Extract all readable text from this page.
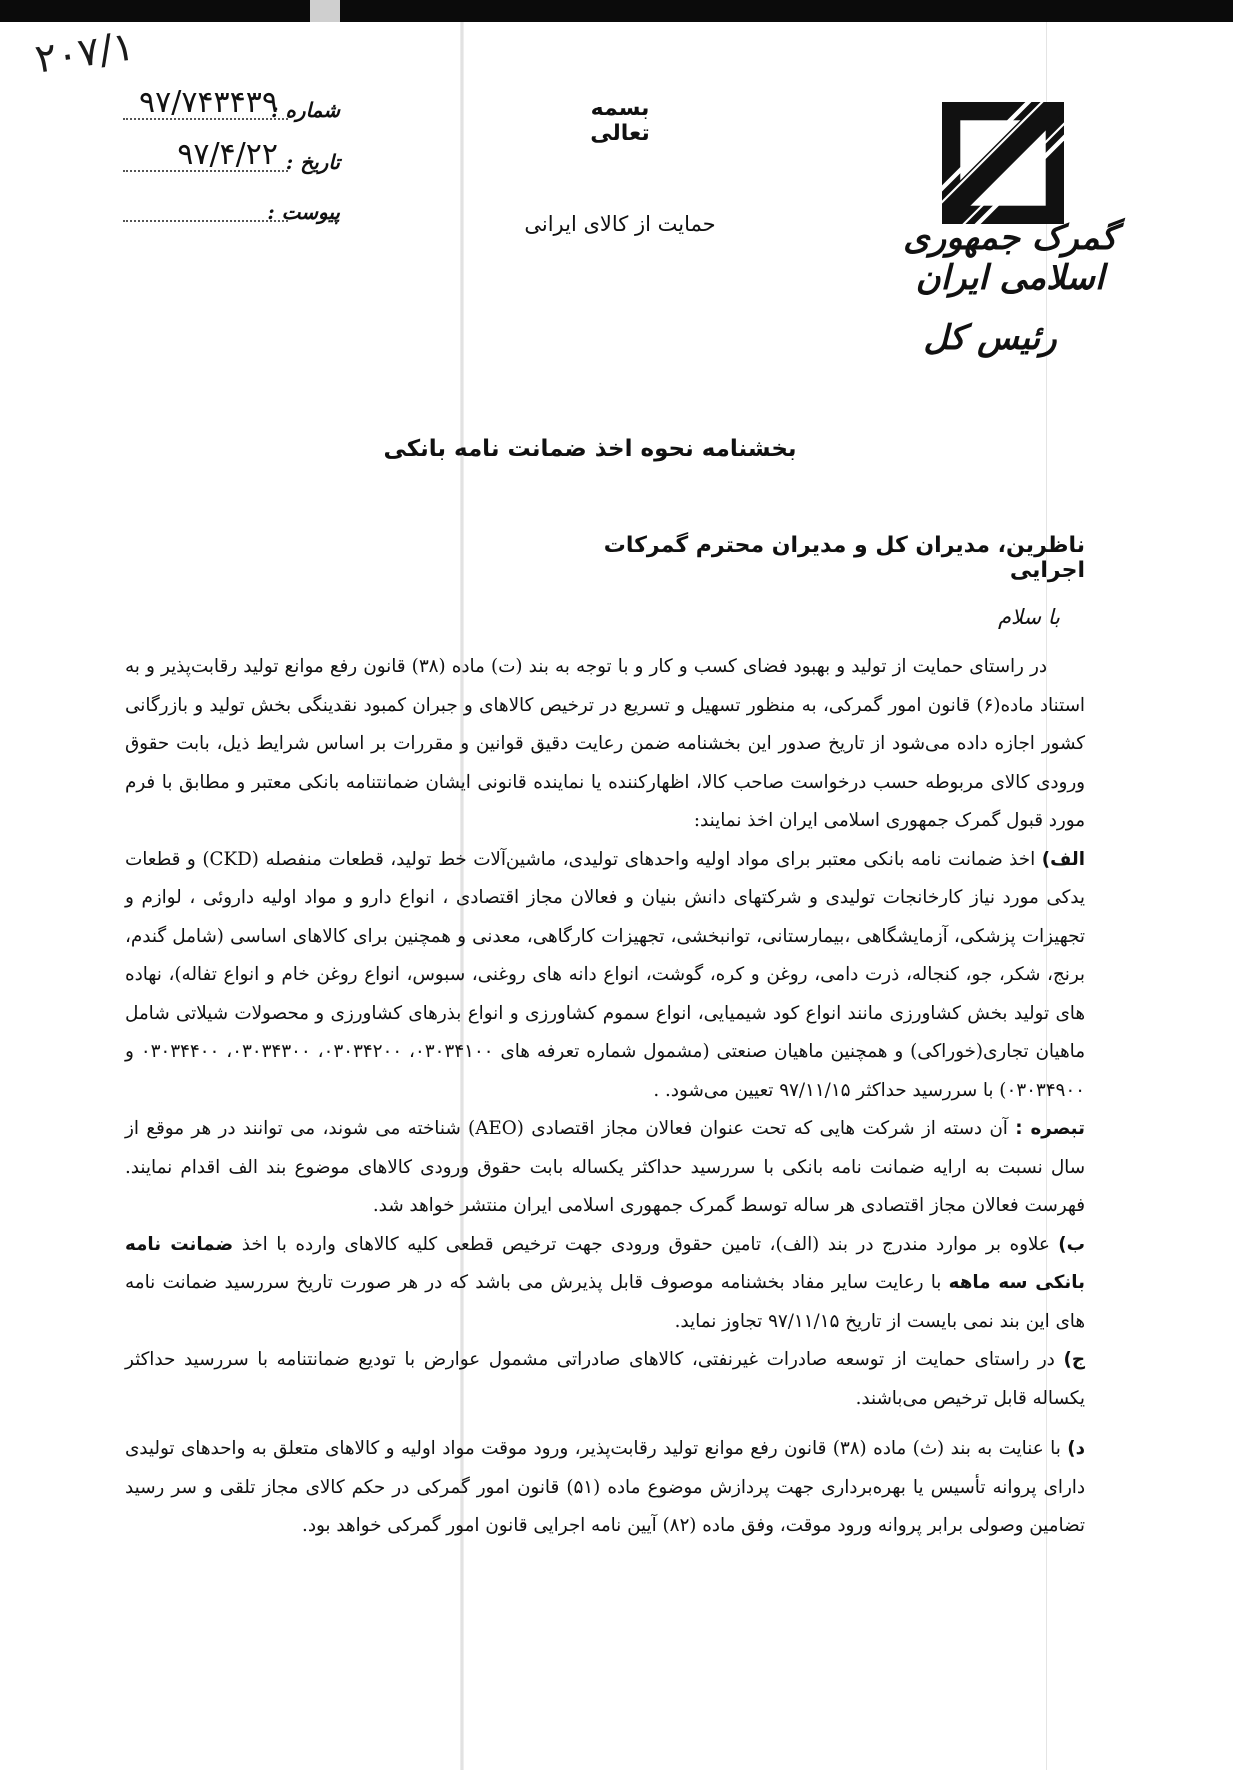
۲۰۷/۱
شماره :
۹۷/۷۴۳۴۳۹
تاریخ :
۹۷/۴/۲۲
پیوست :
بسمه تعالی
حمایت از کالای ایرانی	گمرک جمهوری اسلامی ایران
رئیس کل
بخشنامه نحوه اخذ ضمانت نامه بانکی
ناظرین، مدیران کل و مدیران محترم گمرکات اجرایی
با سلام

در راستای حمایت از تولید و بهبود فضای کسب و کار و با توجه به بند (ت) ماده (۳۸) قانون رفع موانع تولید رقابت‌پذیر و به استناد ماده(۶) قانون امور گمرکی، به منظور تسهیل و تسریع در ترخیص کالاهای و جبران کمبود نقدینگی بخش تولید و بازرگانی کشور اجازه داده می‌شود از تاریخ صدور این بخشنامه ضمن رعایت دقیق قوانین و مقررات بر اساس شرایط ذیل، بابت حقوق ورودی کالای مربوطه حسب درخواست صاحب کالا، اظهارکننده یا نماینده قانونی ایشان ضمانتنامه بانکی معتبر و مطابق با فرم مورد قبول گمرک جمهوری اسلامی ایران اخذ نمایند:

الف) اخذ ضمانت نامه بانکی معتبر برای مواد اولیه واحدهای تولیدی، ماشین‌آلات خط تولید، قطعات منفصله (CKD) و قطعات یدکی مورد نیاز کارخانجات تولیدی و شرکتهای دانش بنیان و فعالان مجاز اقتصادی ، انواع دارو و مواد اولیه داروئی ، لوازم و تجهیزات پزشکی، آزمایشگاهی ،بیمارستانی، توانبخشی، تجهیزات کارگاهی، معدنی و همچنین برای کالاهای اساسی (شامل گندم، برنج، شکر، جو، کنجاله، ذرت دامی، روغن و کره، گوشت، انواع دانه های روغنی، سبوس، انواع روغن خام و انواع تفاله)، نهاده های تولید بخش کشاورزی مانند انواع کود شیمیایی، انواع سموم کشاورزی و انواع بذرهای کشاورزی و محصولات شیلاتی شامل ماهیان تجاری(خوراکی) و همچنین ماهیان صنعتی (مشمول شماره تعرفه های ۰۳۰۳۴۱۰۰، ۰۳۰۳۴۲۰۰، ۰۳۰۳۴۳۰۰، ۰۳۰۳۴۴۰۰ و ۰۳۰۳۴۹۰۰) با سررسید حداکثر ۹۷/۱۱/۱۵ تعیین می‌شود. .

تبصره : آن دسته از شرکت هایی که تحت عنوان فعالان مجاز اقتصادی (AEO) شناخته می شوند، می توانند در هر موقع از سال نسبت به ارایه ضمانت نامه بانکی با سررسید حداکثر یکساله بابت حقوق ورودی کالاهای موضوع بند الف اقدام نمایند. فهرست فعالان مجاز اقتصادی هر ساله توسط گمرک جمهوری اسلامی ایران منتشر خواهد شد.

ب) علاوه بر موارد مندرج در بند (الف)، تامین حقوق ورودی جهت ترخیص قطعی کلیه کالاهای وارده با اخذ ضمانت نامه بانکی سه ماهه با رعایت سایر مفاد بخشنامه موصوف قابل پذیرش می باشد که در هر صورت تاریخ سررسید ضمانت نامه های این بند نمی بایست از تاریخ ۹۷/۱۱/۱۵ تجاوز نماید.

ج) در راستای حمایت از توسعه صادرات غیرنفتی، کالاهای صادراتی مشمول عوارض با تودیع ضمانتنامه با سررسید حداکثر یکساله قابل ترخیص می‌باشند.

د) با عنایت به بند (ث) ماده (۳۸) قانون رفع موانع تولید رقابت‌پذیر، ورود موقت مواد اولیه و کالاهای متعلق به واحدهای تولیدی دارای پروانه تأسیس یا بهره‌برداری جهت پردازش موضوع ماده (۵۱) قانون امور گمرکی در حکم کالای مجاز تلقی و سر رسید تضامین وصولی برابر پروانه ورود موقت، وفق ماده (۸۲) آیین نامه اجرایی قانون امور گمرکی خواهد بود.
